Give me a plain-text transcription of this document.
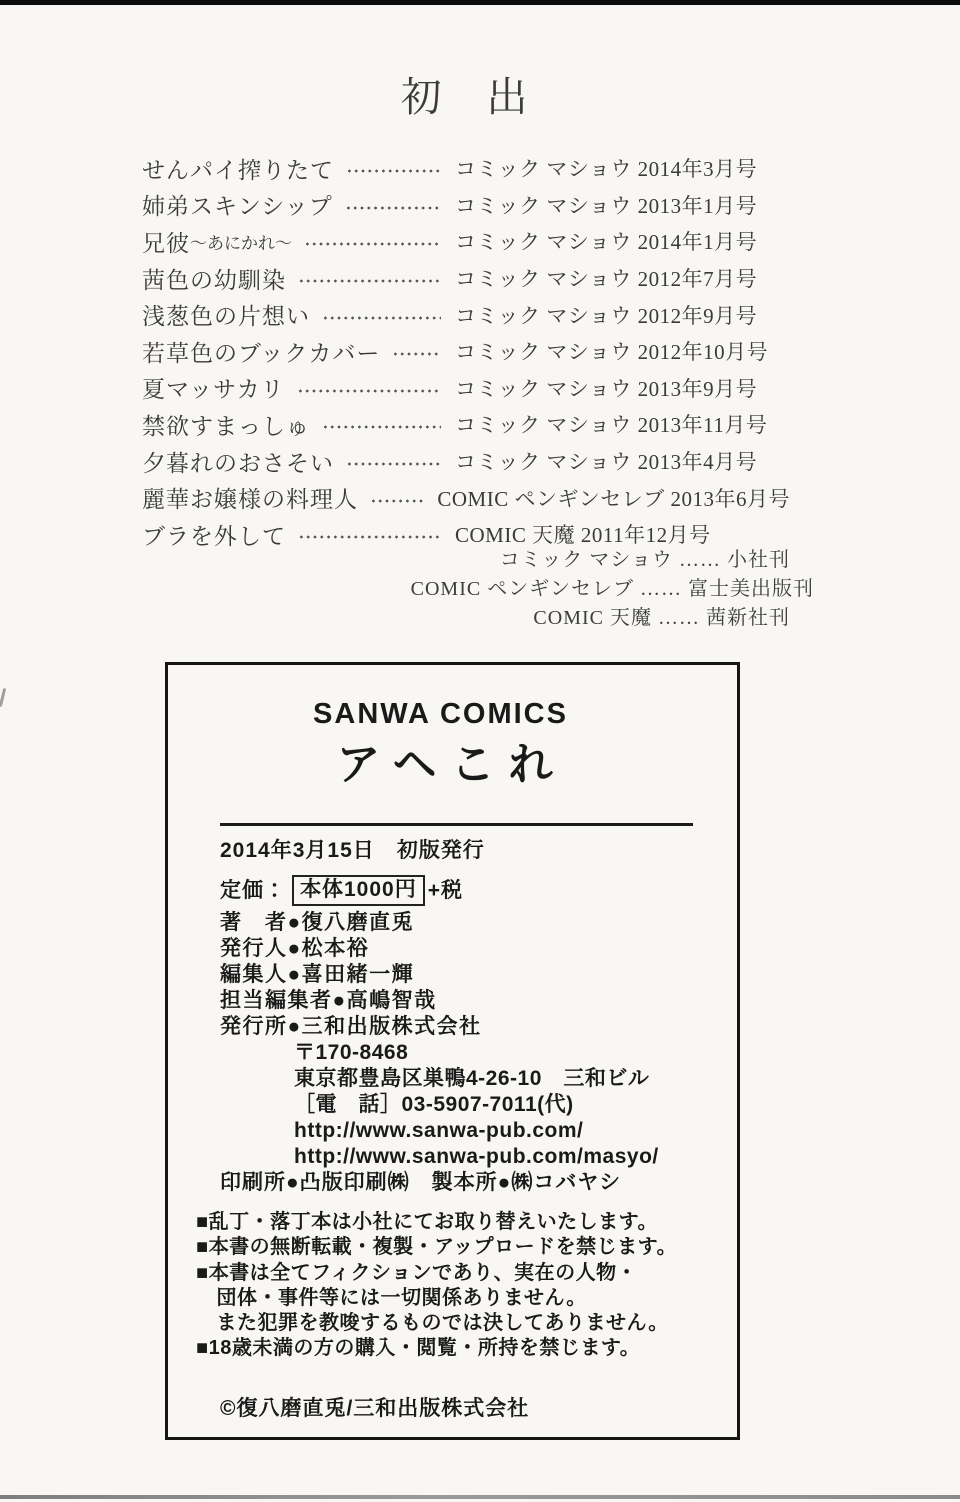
初　出
せんパイ搾りたて	コミック マショウ 2014年3月号
姉弟スキンシップ	コミック マショウ 2013年1月号
兄彼 ～あにかれ～	コミック マショウ 2014年1月号
茜色の幼馴染	コミック マショウ 2012年7月号
浅葱色の片想い	コミック マショウ 2012年9月号
若草色のブックカバー	コミック マショウ 2012年10月号
夏マッサカリ	コミック マショウ 2013年9月号
禁欲すまっしゅ	コミック マショウ 2013年11月号
夕暮れのおさそい	コミック マショウ 2013年4月号
麗華お嬢様の料理人	COMIC ペンギンセレブ 2013年6月号
ブラを外して	COMIC 天魔 2011年12月号
コミック マショウ …… 小社刊
COMIC ペンギンセレブ …… 富士美出版刊
COMIC 天魔 …… 茜新社刊
SANWA COMICS
アヘこれ
2014年3月15日　初版発行
定価： 本体1000円 +税
著　者●復八磨直兎
発行人●松本裕
編集人●喜田緒一輝
担当編集者●高嶋智哉
発行所●三和出版株式会社
〒170-8468
東京都豊島区巣鴨4-26-10　三和ビル
［電　話］03-5907-7011(代)
http://www.sanwa-pub.com/
http://www.sanwa-pub.com/masyo/
印刷所●凸版印刷㈱　製本所●㈱コバヤシ
■乱丁・落丁本は小社にてお取り替えいたします。
■本書の無断転載・複製・アップロードを禁じます。
■本書は全てフィクションであり、実在の人物・
　団体・事件等には一切関係ありません。
　また犯罪を教唆するものでは決してありません。
■18歳未満の方の購入・閲覧・所持を禁じます。
©復八磨直兎/三和出版株式会社
